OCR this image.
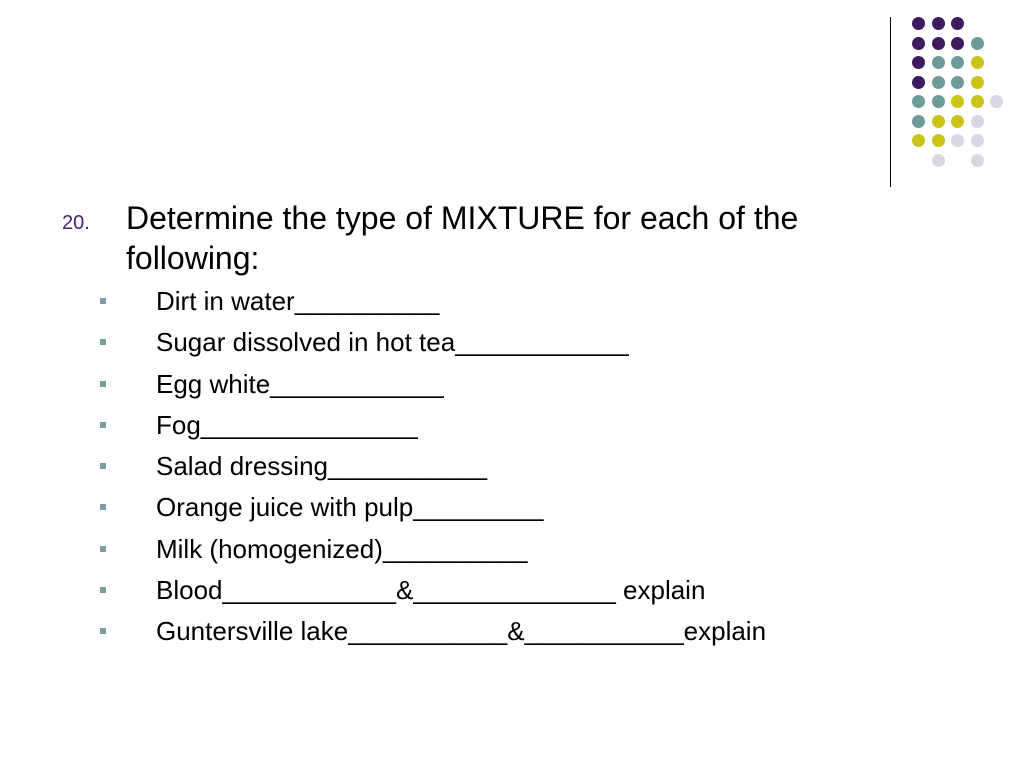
20. Determine the type of MIXTURE for each of the following:
Dirt in water__________
Sugar dissolved in hot tea____________
Egg white____________
Fog_______________
Salad dressing___________
Orange juice with pulp_________
Milk (homogenized)__________
Blood____________&______________ explain
Guntersville lake___________&___________explain
